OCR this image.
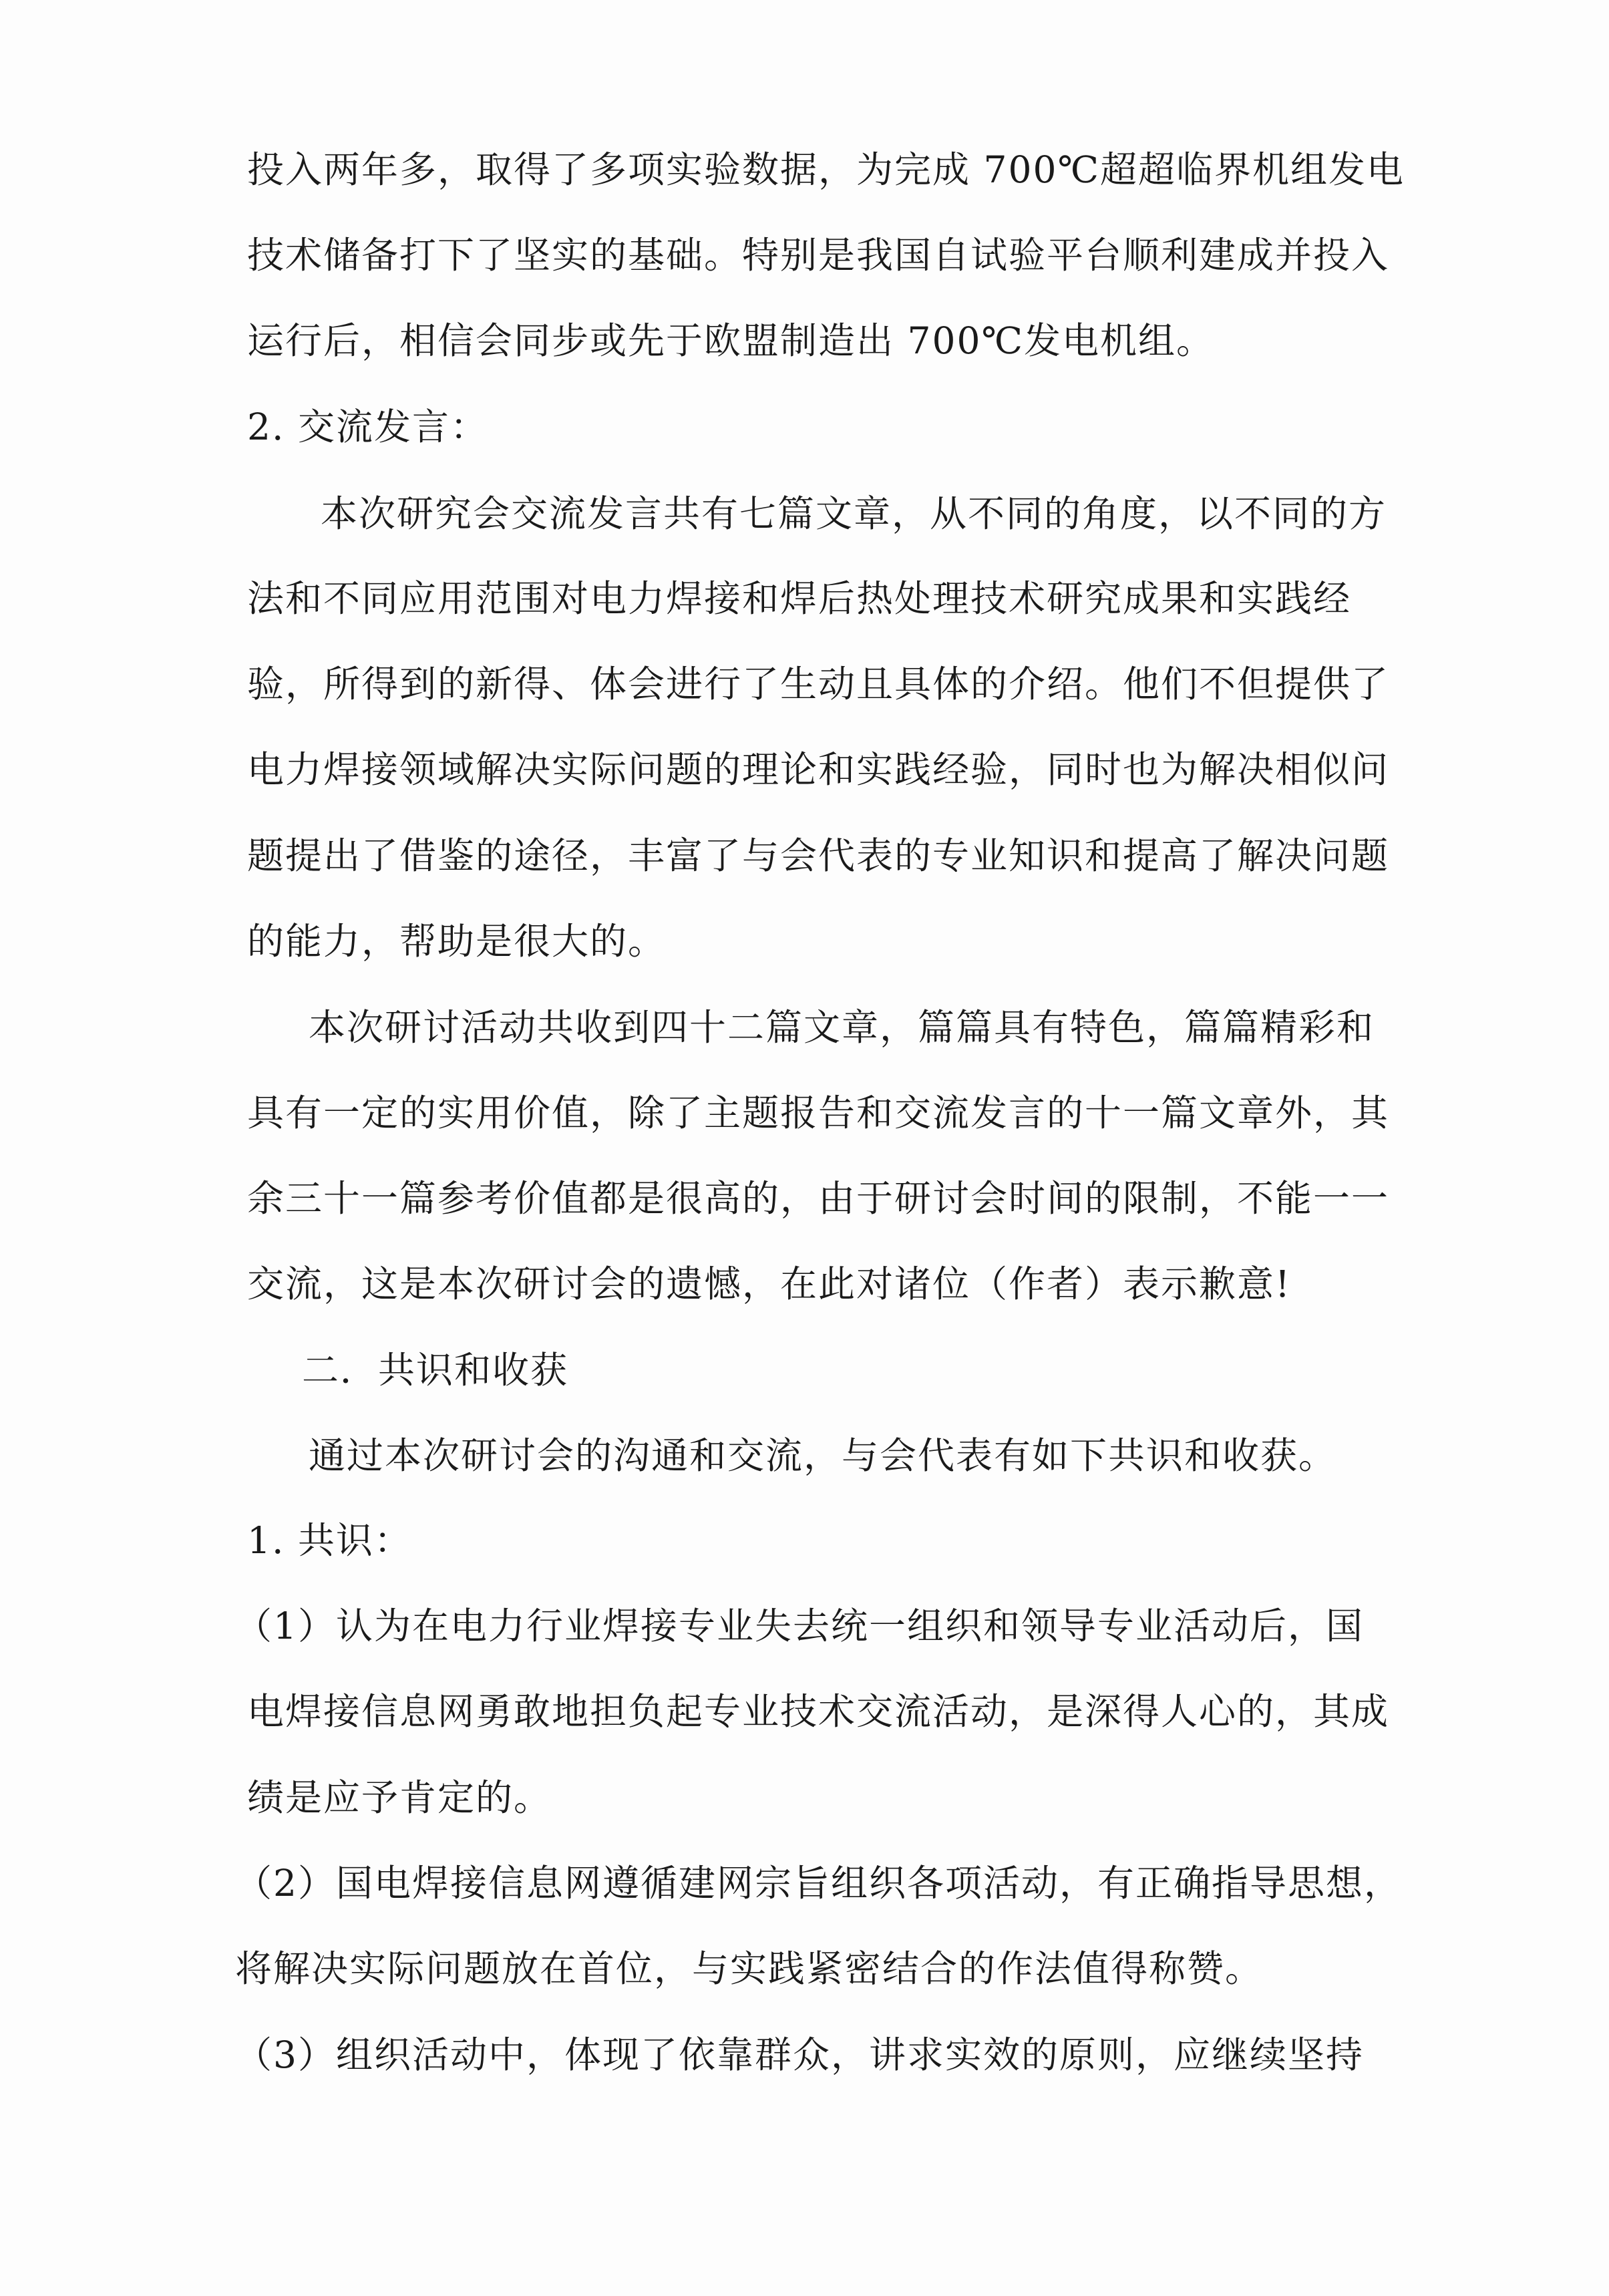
投入两年多，取得了多项实验数据，为完成 700℃超超临界机组发电
技术储备打下了坚实的基础。特别是我国自试验平台顺利建成并投入
运行后，相信会同步或先于欧盟制造出 700℃发电机组。
2. 交流发言：
本次研究会交流发言共有七篇文章，从不同的角度，以不同的方
法和不同应用范围对电力焊接和焊后热处理技术研究成果和实践经
验，所得到的新得、体会进行了生动且具体的介绍。他们不但提供了
电力焊接领域解决实际问题的理论和实践经验，同时也为解决相似问
题提出了借鉴的途径，丰富了与会代表的专业知识和提高了解决问题
的能力，帮助是很大的。
本次研讨活动共收到四十二篇文章，篇篇具有特色，篇篇精彩和
具有一定的实用价值，除了主题报告和交流发言的十一篇文章外，其
余三十一篇参考价值都是很高的，由于研讨会时间的限制，不能一一
交流，这是本次研讨会的遗憾，在此对诸位（作者）表示歉意!
二．共识和收获
通过本次研讨会的沟通和交流，与会代表有如下共识和收获。
1. 共识：
（1）认为在电力行业焊接专业失去统一组织和领导专业活动后，国
电焊接信息网勇敢地担负起专业技术交流活动，是深得人心的，其成
绩是应予肯定的。
（2）国电焊接信息网遵循建网宗旨组织各项活动，有正确指导思想，
将解决实际问题放在首位，与实践紧密结合的作法值得称赞。
（3）组织活动中，体现了依靠群众，讲求实效的原则，应继续坚持
